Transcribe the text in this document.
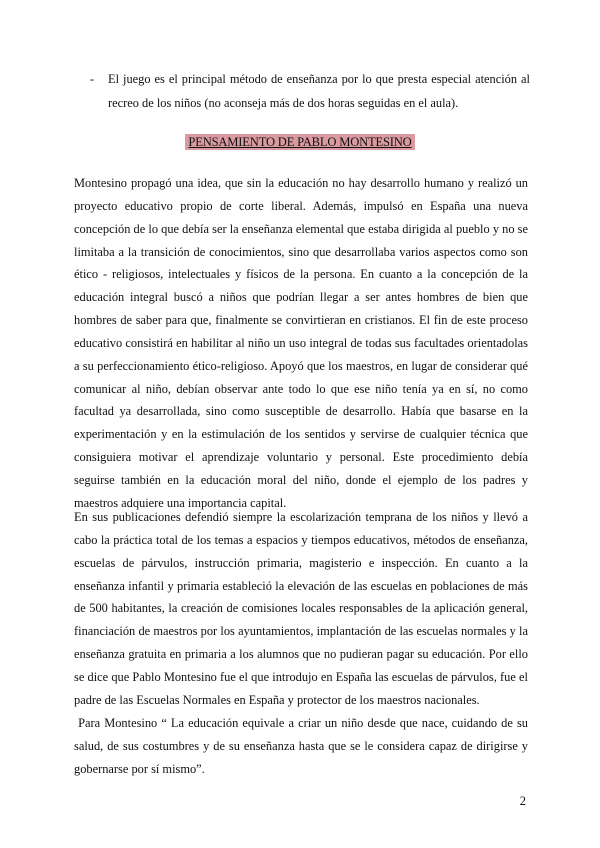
- El juego es el principal método de enseñanza por lo que presta especial atención al recreo de los niños (no aconseja más de dos horas seguidas en el aula).
PENSAMIENTO DE PABLO MONTESINO

Montesino propagó una idea, que sin la educación no hay desarrollo humano y realizó un proyecto educativo propio de corte liberal. Además, impulsó en España una nueva concepción de lo que debía ser la enseñanza elemental que estaba dirigida al pueblo y no se limitaba a la transición de conocimientos, sino que desarrollaba varios aspectos como son ético - religiosos, intelectuales y físicos de la persona. En cuanto a la concepción de la educación integral buscó a niños que podrían llegar a ser antes hombres de bien que hombres de saber para que, finalmente se convirtieran en cristianos. El fin de este proceso educativo consistirá en habilitar al niño un uso integral de todas sus facultades orientadolas a su perfeccionamiento ético-religioso. Apoyó que los maestros, en lugar de considerar qué comunicar al niño, debían observar ante todo lo que ese niño tenía ya en sí, no como facultad ya desarrollada, sino como susceptible de desarrollo. Había que basarse en la experimentación y en la estimulación de los sentidos y servirse de cualquier técnica que consiguiera motivar el aprendizaje voluntario y personal. Este procedimiento debía seguirse también en la educación moral del niño, donde el ejemplo de los padres y maestros adquiere una importancia capital.

En sus publicaciones defendió siempre la escolarización temprana de los niños y llevó a cabo la práctica total de los temas a espacios y tiempos educativos, métodos de enseñanza, escuelas de párvulos, instrucción primaria, magisterio e inspección. En cuanto a la enseñanza infantil y primaria estableció la elevación de las escuelas en poblaciones de más de 500 habitantes, la creación de comisiones locales responsables de la aplicación general, financiación de maestros por los ayuntamientos, implantación de las escuelas normales y la enseñanza gratuita en primaria a los alumnos que no pudieran pagar su educación. Por ello se dice que Pablo Montesino fue el que introdujo en España las escuelas de párvulos, fue el padre de las Escuelas Normales en España y protector de los maestros nacionales.

Para Montesino “ La educación equivale a criar un niño desde que nace, cuidando de su salud, de sus costumbres y de su enseñanza hasta que se le considera capaz de dirigirse y gobernarse por sí mismo”.

2
